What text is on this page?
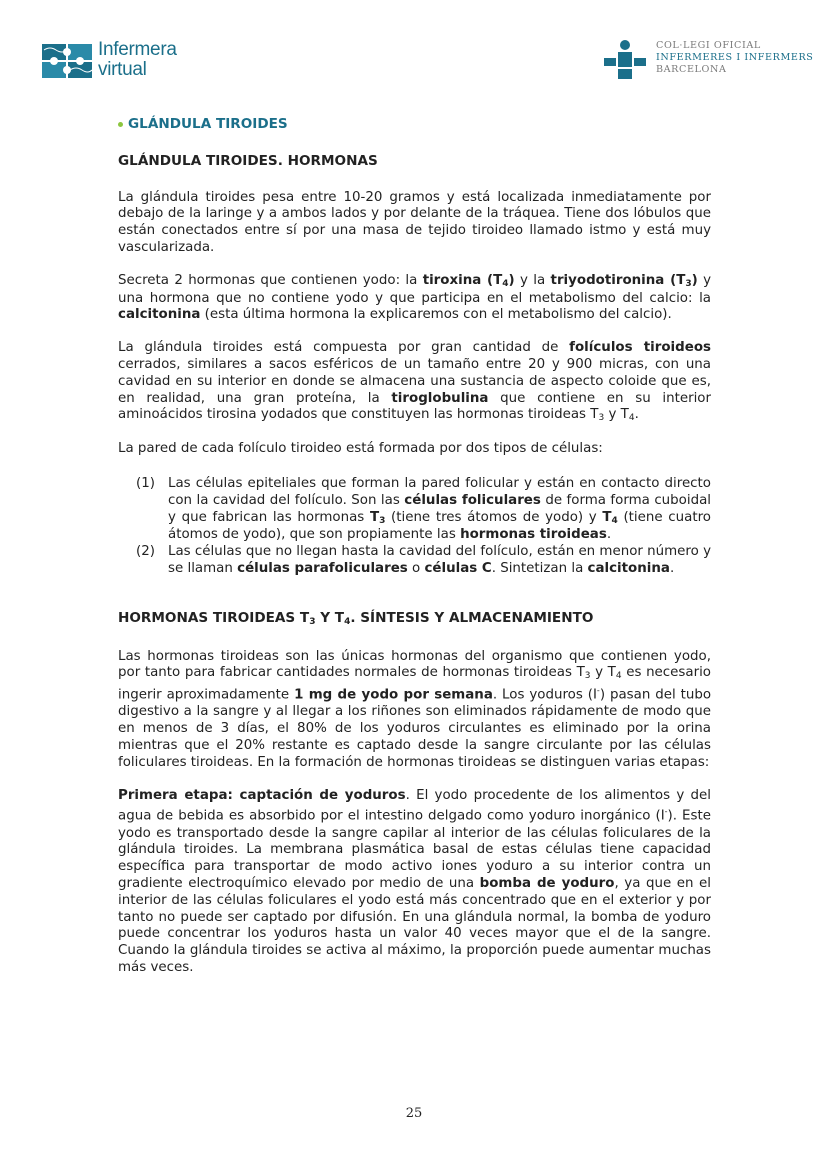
Infermera
virtual
COL·LEGI OFICIAL
INFERMERES I INFERMERS
BARCELONA
GLÁNDULA TIROIDES
GLÁNDULA TIROIDES. HORMONAS

La glándula tiroides pesa entre 10-20 gramos y está localizada inmediatamente por debajo de la laringe y a ambos lados y por delante de la tráquea. Tiene dos lóbulos que están conectados entre sí por una masa de tejido tiroideo llamado istmo y está muy vascularizada.

Secreta 2 hormonas que contienen yodo: la tiroxina $(T_4)$ y la triyodotironina $(T_3)$ y una hormona que no contiene yodo y que participa en el metabolismo del calcio: la calcitonina (esta última hormona la explicaremos con el metabolismo del calcio).

La glándula tiroides está compuesta por gran cantidad de folículos tiroideos cerrados, similares a sacos esféricos de un tamaño entre 20 y 900 micras, con una cavidad en su interior en donde se almacena una sustancia de aspecto coloide que es, en realidad, una gran proteína, la tiroglobulina que contiene en su interior aminoácidos tirosina yodados que constituyen las hormonas tiroideas $T_3$ y $T_4$.

La pared de cada folículo tiroideo está formada por dos tipos de células:

(1) Las células epiteliales que forman la pared folicular y están en contacto directo con la cavidad del folículo. Son las células foliculares de forma forma cuboidal y que fabrican las hormonas $T_3$ (tiene tres átomos de yodo) y $T_4$ (tiene cuatro átomos de yodo), que son propiamente las hormonas tiroideas.
(2) Las células que no llegan hasta la cavidad del folículo, están en menor número y se llaman células parafoliculares o células C. Sintetizan la calcitonina.
HORMONAS TIROIDEAS $T_3$ Y $T_4$. SÍNTESIS Y ALMACENAMIENTO

Las hormonas tiroideas son las únicas hormonas del organismo que contienen yodo, por tanto para fabricar cantidades normales de hormonas tiroideas $T_3$ y $T_4$ es necesario ingerir aproximadamente 1 mg de yodo por semana. Los yoduros (I-) pasan del tubo digestivo a la sangre y al llegar a los riñones son eliminados rápidamente de modo que en menos de 3 días, el 80% de los yoduros circulantes es eliminado por la orina mientras que el 20% restante es captado desde la sangre circulante por las células foliculares tiroideas. En la formación de hormonas tiroideas se distinguen varias etapas:

Primera etapa: captación de yoduros. El yodo procedente de los alimentos y del agua de bebida es absorbido por el intestino delgado como yoduro inorgánico (I-). Este yodo es transportado desde la sangre capilar al interior de las células foliculares de la glándula tiroides. La membrana plasmática basal de estas células tiene capacidad específica para transportar de modo activo iones yoduro a su interior contra un gradiente electroquímico elevado por medio de una bomba de yoduro, ya que en el interior de las células foliculares el yodo está más concentrado que en el exterior y por tanto no puede ser captado por difusión. En una glándula normal, la bomba de yoduro puede concentrar los yoduros hasta un valor 40 veces mayor que el de la sangre. Cuando la glándula tiroides se activa al máximo, la proporción puede aumentar muchas más veces.

25
